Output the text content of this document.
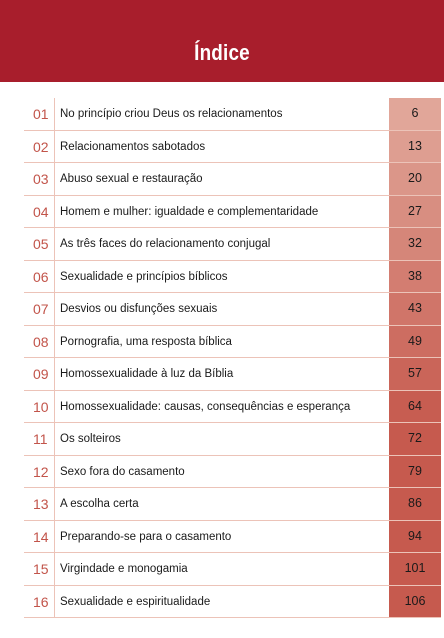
Índice
01 No princípio criou Deus os relacionamentos	6
02 Relacionamentos sabotados	13
03 Abuso sexual e restauração	20
04 Homem e mulher: igualdade e complementaridade	27
05 As três faces do relacionamento conjugal	32
06 Sexualidade e princípios bíblicos	38
07 Desvios ou disfunções sexuais	43
08 Pornografia, uma resposta bíblica	49
09 Homossexualidade à luz da Bíblia	57
10 Homossexualidade: causas, consequências e esperança	64
11	Os solteiros	72
12 Sexo fora do casamento	79
13 A escolha certa	86
14 Preparando-se para o casamento	94
15 Virgindade e monogamia	101
16 Sexualidade e espiritualidade	106
